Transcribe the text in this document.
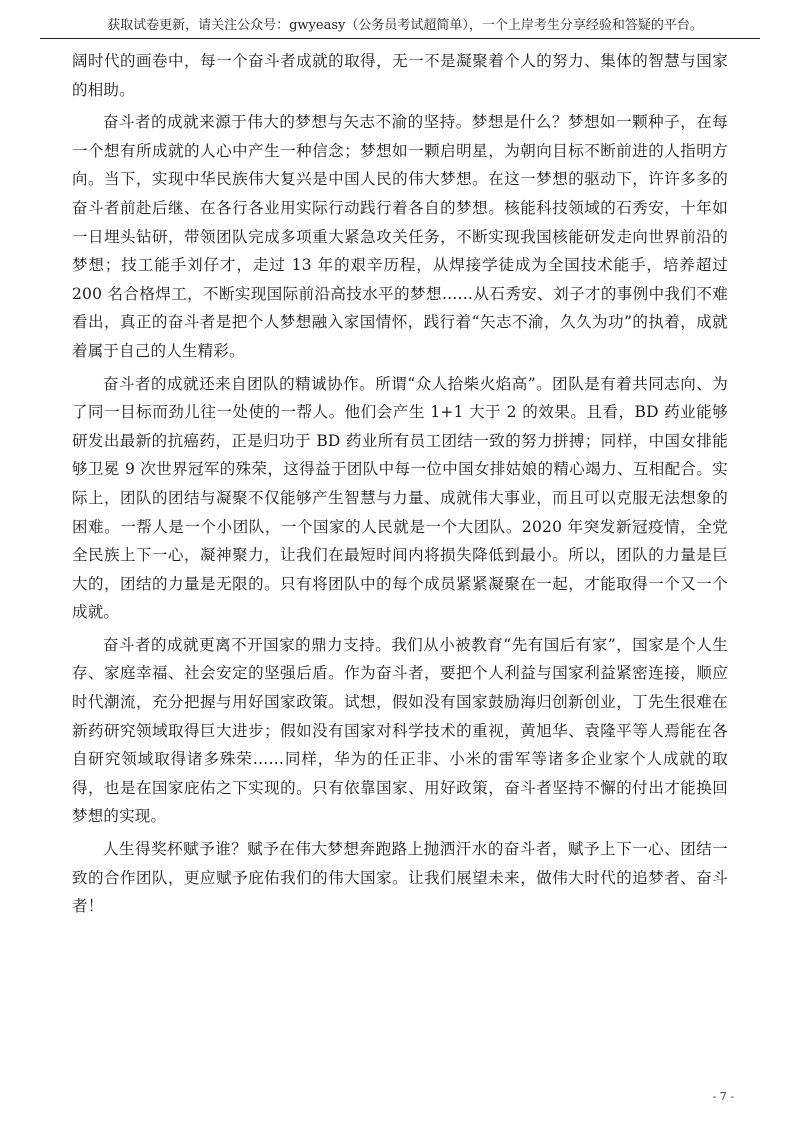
获取试卷更新，请关注公众号：gwyeasy（公务员考试超简单），一个上岸考生分享经验和答疑的平台。

阔时代的画卷中，每一个奋斗者成就的取得，无一不是凝聚着个人的努力、集体的智慧与国家的相助。

奋斗者的成就来源于伟大的梦想与矢志不渝的坚持。梦想是什么？梦想如一颗种子，在每一个想有所成就的人心中产生一种信念；梦想如一颗启明星，为朝向目标不断前进的人指明方向。当下，实现中华民族伟大复兴是中国人民的伟大梦想。在这一梦想的驱动下，许许多多的奋斗者前赴后继、在各行各业用实际行动践行着各自的梦想。核能科技领域的石秀安，十年如一日埋头钻研，带领团队完成多项重大紧急攻关任务，不断实现我国核能研发走向世界前沿的梦想；技工能手刘仔才，走过 13 年的艰辛历程，从焊接学徒成为全国技术能手，培养超过 200 名合格焊工，不断实现国际前沿高技水平的梦想……从石秀安、刘子才的事例中我们不难看出，真正的奋斗者是把个人梦想融入家国情怀，践行着“矢志不渝，久久为功”的执着，成就着属于自己的人生精彩。

奋斗者的成就还来自团队的精诚协作。所谓“众人拾柴火焰高”。团队是有着共同志向、为了同一目标而劲儿往一处使的一帮人。他们会产生 1+1 大于 2 的效果。且看，BD 药业能够研发出最新的抗癌药，正是归功于 BD 药业所有员工团结一致的努力拼搏；同样，中国女排能够卫冕 9 次世界冠军的殊荣，这得益于团队中每一位中国女排姑娘的精心竭力、互相配合。实际上，团队的团结与凝聚不仅能够产生智慧与力量、成就伟大事业，而且可以克服无法想象的困难。一帮人是一个小团队，一个国家的人民就是一个大团队。2020 年突发新冠疫情，全党全民族上下一心，凝神聚力，让我们在最短时间内将损失降低到最小。所以，团队的力量是巨大的，团结的力量是无限的。只有将团队中的每个成员紧紧凝聚在一起，才能取得一个又一个成就。

奋斗者的成就更离不开国家的鼎力支持。我们从小被教育“先有国后有家”，国家是个人生存、家庭幸福、社会安定的坚强后盾。作为奋斗者，要把个人利益与国家利益紧密连接，顺应时代潮流，充分把握与用好国家政策。试想，假如没有国家鼓励海归创新创业，丁先生很难在新药研究领域取得巨大进步；假如没有国家对科学技术的重视，黄旭华、袁隆平等人焉能在各自研究领域取得诸多殊荣……同样，华为的任正非、小米的雷军等诸多企业家个人成就的取得，也是在国家庇佑之下实现的。只有依靠国家、用好政策，奋斗者坚持不懈的付出才能换回梦想的实现。

人生得奖杯赋予谁？赋予在伟大梦想奔跑路上抛洒汗水的奋斗者，赋予上下一心、团结一致的合作团队，更应赋予庇佑我们的伟大国家。让我们展望未来，做伟大时代的追梦者、奋斗者！

- 7 -
